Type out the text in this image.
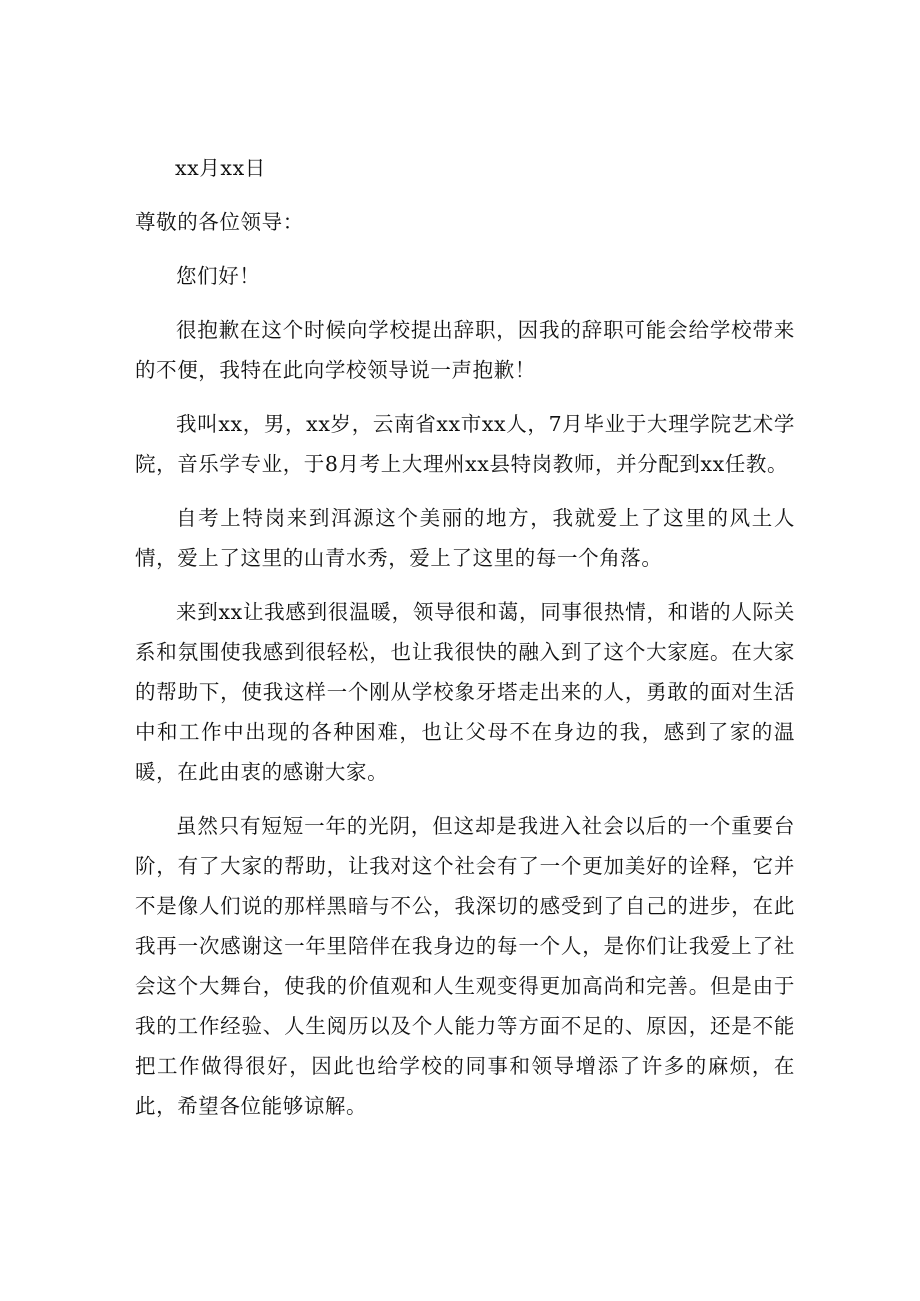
xx月xx日
尊敬的各位领导：
您们好！
很抱歉在这个时候向学校提出辞职，因我的辞职可能会给学校带来的不便，我特在此向学校领导说一声抱歉！
我叫xx，男，xx岁，云南省xx市xx人，7月毕业于大理学院艺术学院，音乐学专业，于8月考上大理州xx县特岗教师，并分配到xx任教。
自考上特岗来到洱源这个美丽的地方，我就爱上了这里的风土人情，爱上了这里的山青水秀，爱上了这里的每一个角落。
来到xx让我感到很温暖，领导很和蔼，同事很热情，和谐的人际关系和氛围使我感到很轻松，也让我很快的融入到了这个大家庭。在大家的帮助下，使我这样一个刚从学校象牙塔走出来的人，勇敢的面对生活中和工作中出现的各种困难，也让父母不在身边的我，感到了家的温暖，在此由衷的感谢大家。
虽然只有短短一年的光阴，但这却是我进入社会以后的一个重要台阶，有了大家的帮助，让我对这个社会有了一个更加美好的诠释，它并不是像人们说的那样黑暗与不公，我深切的感受到了自己的进步，在此我再一次感谢这一年里陪伴在我身边的每一个人，是你们让我爱上了社会这个大舞台，使我的价值观和人生观变得更加高尚和完善。但是由于我的工作经验、人生阅历以及个人能力等方面不足的、原因，还是不能把工作做得很好，因此也给学校的同事和领导增添了许多的麻烦，在此，希望各位能够谅解。
